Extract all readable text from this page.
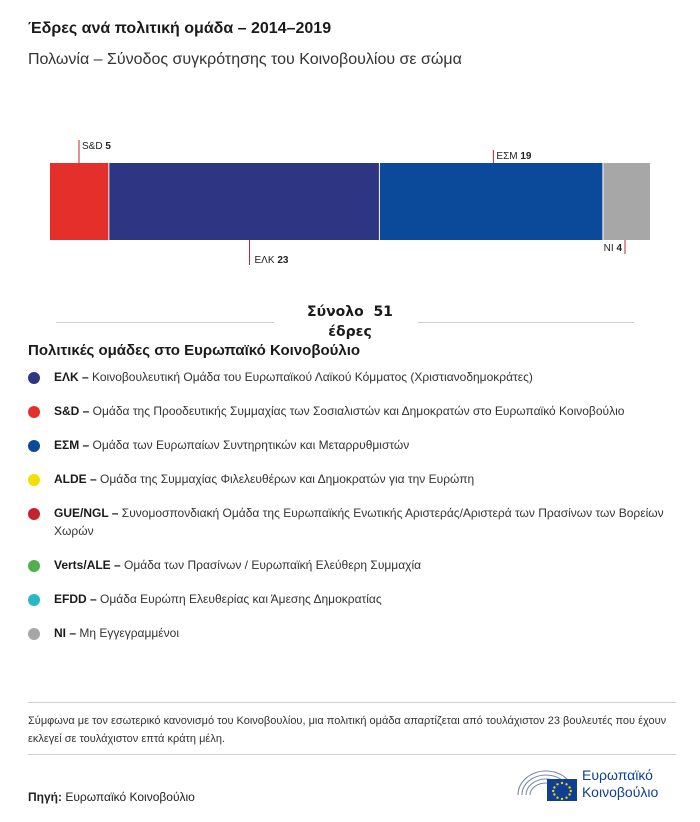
Έδρες ανά πολιτική ομάδα – 2014–2019
Πολωνία – Σύνοδος συγκρότησης του Κοινοβουλίου σε σώμα
S&D 5
ΕΛΚ 23
ΕΣΜ 19
NI 4
Σύνολο  51
έδρες
Πολιτικές ομάδες στο Ευρωπαϊκό Κοινοβούλιο
ΕΛΚ – Κοινοβουλευτική Ομάδα του Ευρωπαϊκού Λαϊκού Κόμματος (Χριστιανοδημοκράτες)
S&D – Ομάδα της Προοδευτικής Συμμαχίας των Σοσιαλιστών και Δημοκρατών στο Ευρωπαϊκό Κοινοβούλιο
ΕΣΜ – Ομάδα των Ευρωπαίων Συντηρητικών και Μεταρρυθμιστών
ALDE – Ομάδα της Συμμαχίας Φιλελευθέρων και Δημοκρατών για την Ευρώπη
GUE/NGL – Συνομοσπονδιακή Ομάδα της Ευρωπαϊκής Ενωτικής Αριστεράς/Αριστερά των Πρασίνων των Βορείων Χωρών
Verts/ALE – Ομάδα των Πρασίνων / Ευρωπαϊκή Ελεύθερη Συμμαχία
EFDD – Ομάδα Ευρώπη Ελευθερίας και Άμεσης Δημοκρατίας
NI – Μη Εγγεγραμμένοι
Σύμφωνα με τον εσωτερικό κανονισμό του Κοινοβουλίου, μια πολιτική ομάδα απαρτίζεται από τουλάχιστον 23 βουλευτές που έχουν εκλεγεί σε τουλάχιστον επτά κράτη μέλη.
Πηγή: Ευρωπαϊκό Κοινοβούλιο
Ευρωπαϊκό
Κοινοβούλιο
